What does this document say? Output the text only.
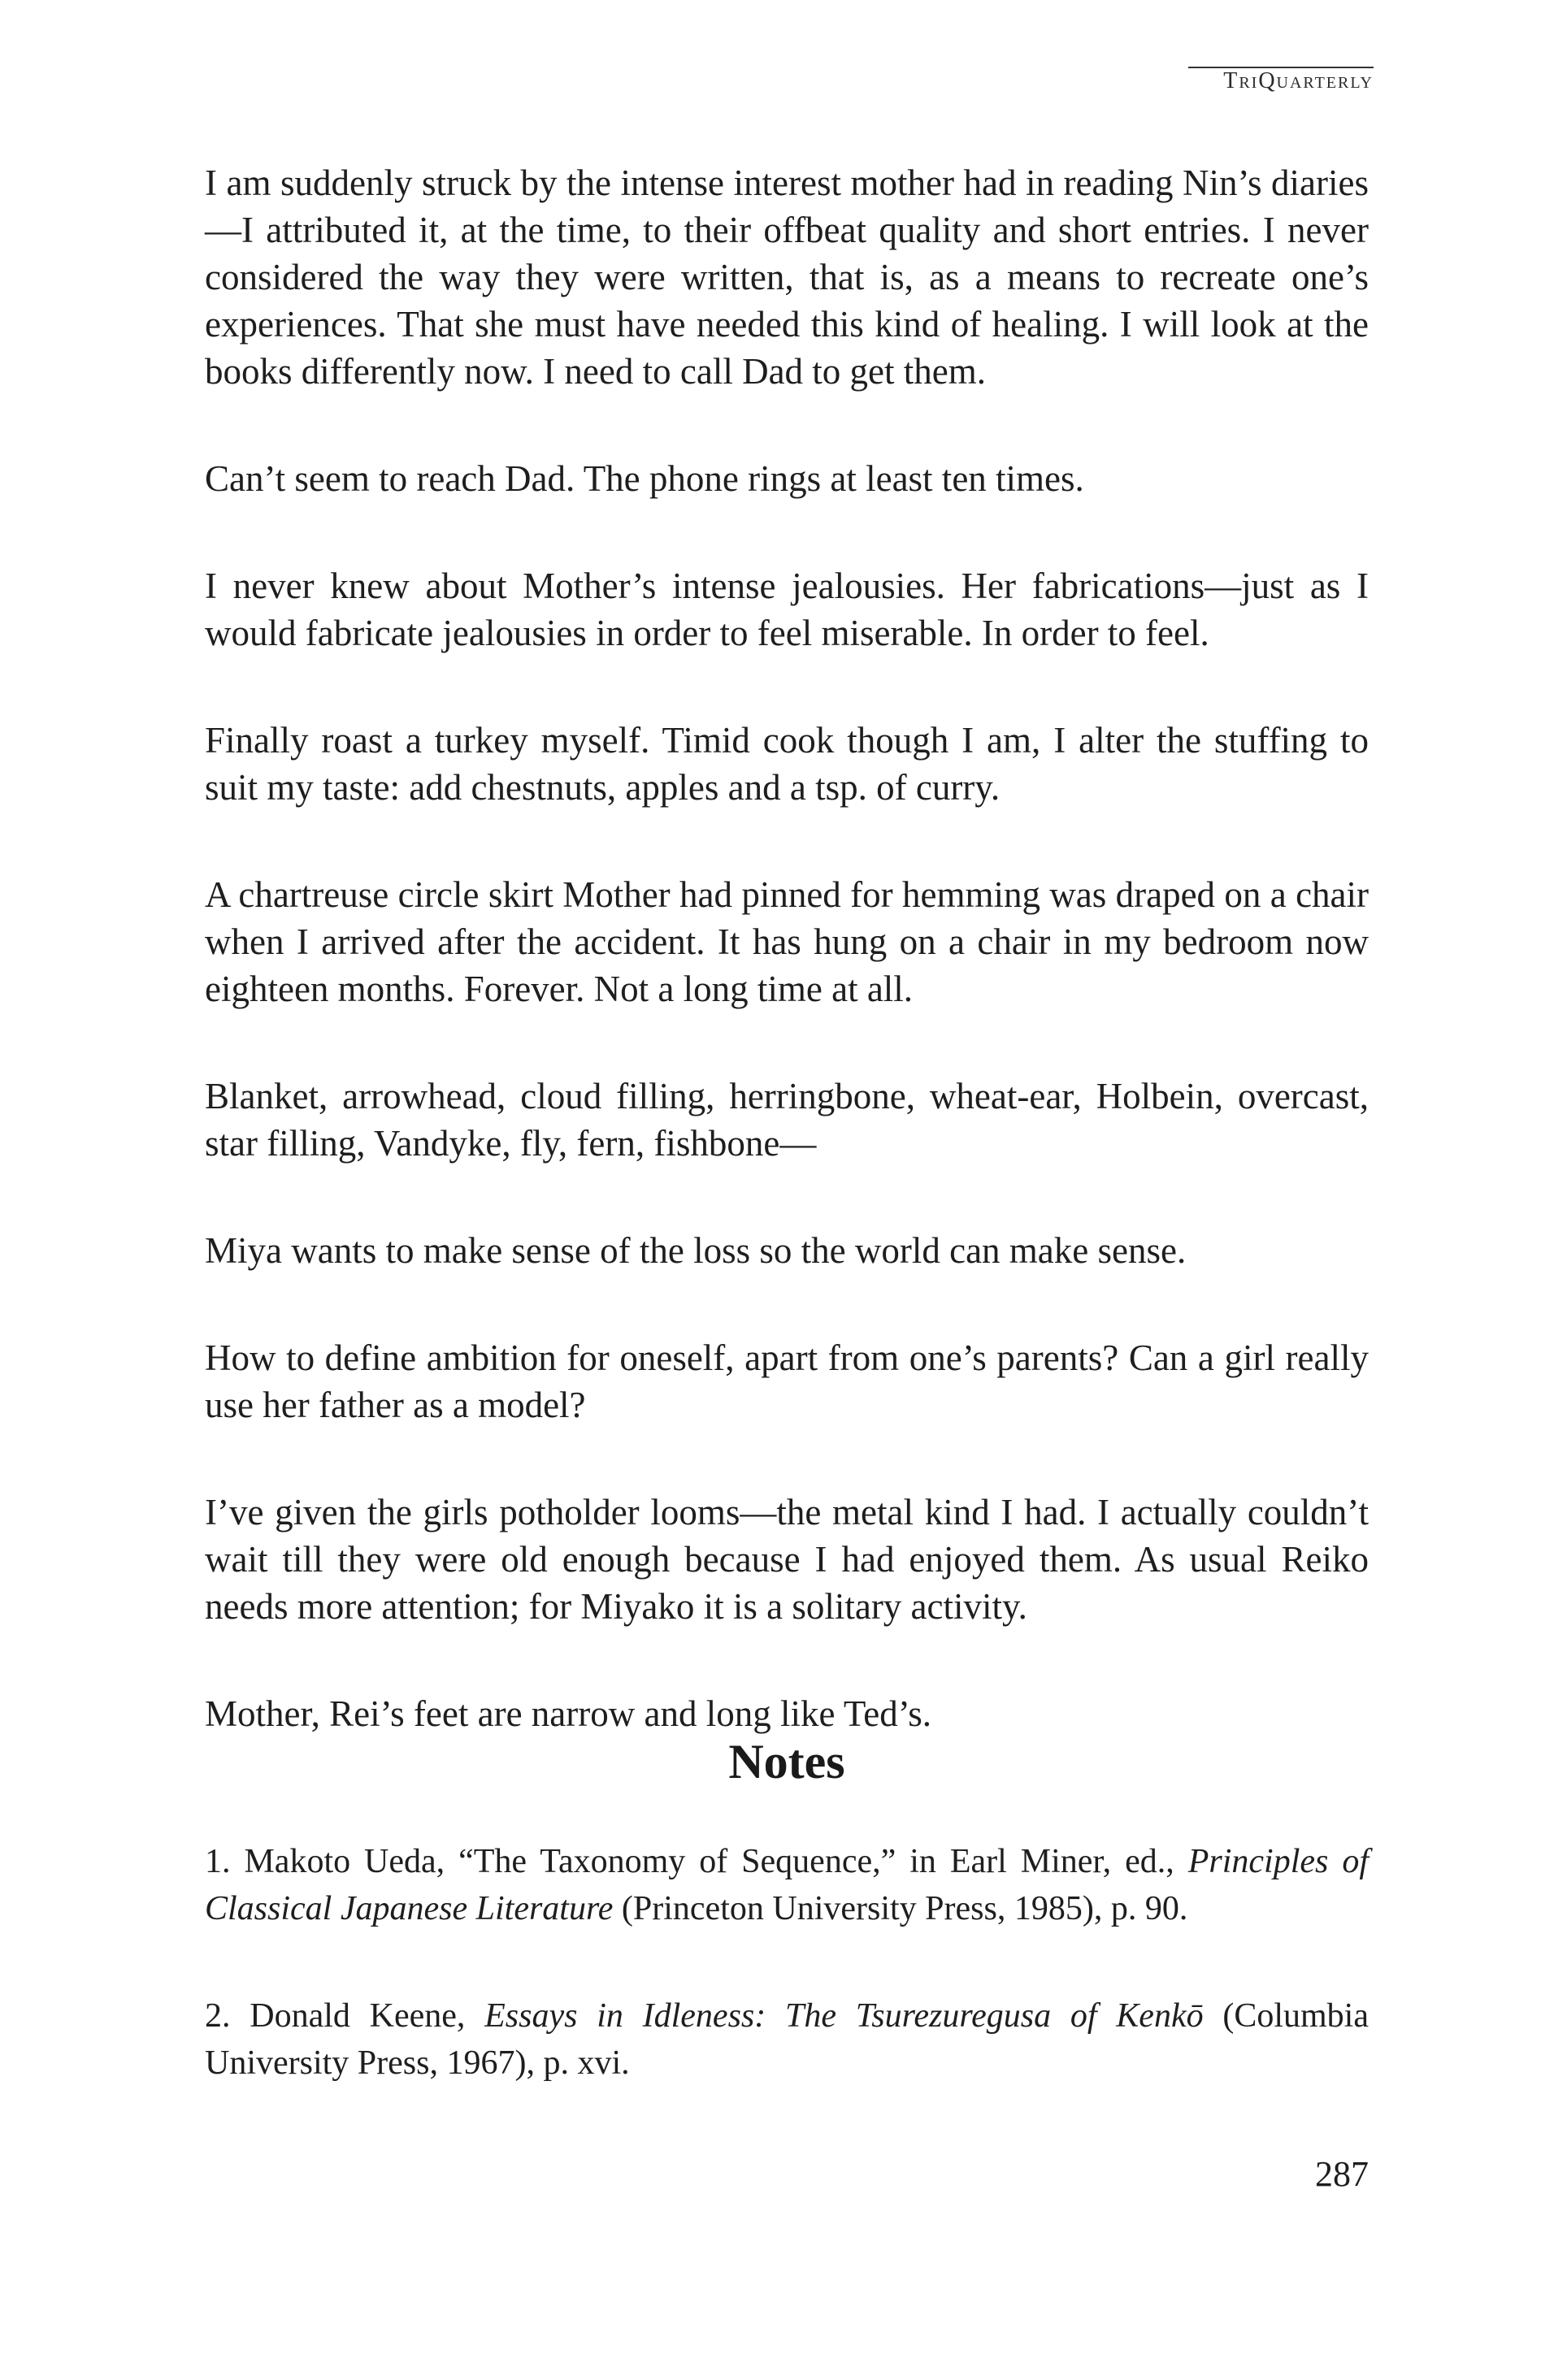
TriQuarterly

I am suddenly struck by the intense interest mother had in reading Nin’s diaries—I attributed it, at the time, to their offbeat quality and short entries. I never considered the way they were written, that is, as a means to recreate one’s experiences. That she must have needed this kind of healing. I will look at the books differently now. I need to call Dad to get them.

Can’t seem to reach Dad. The phone rings at least ten times.

I never knew about Mother’s intense jealousies. Her fabrications—just as I would fabricate jealousies in order to feel miserable. In order to feel.

Finally roast a turkey myself. Timid cook though I am, I alter the stuffing to suit my taste: add chestnuts, apples and a tsp. of curry.

A chartreuse circle skirt Mother had pinned for hemming was draped on a chair when I arrived after the accident. It has hung on a chair in my bedroom now eighteen months. Forever. Not a long time at all.

Blanket, arrowhead, cloud filling, herringbone, wheat-ear, Holbein, overcast, star filling, Vandyke, fly, fern, fishbone—

Miya wants to make sense of the loss so the world can make sense.

How to define ambition for oneself, apart from one’s parents? Can a girl really use her father as a model?

I’ve given the girls potholder looms—the metal kind I had. I actually couldn’t wait till they were old enough because I had enjoyed them. As usual Reiko needs more attention; for Miyako it is a solitary activity.

Mother, Rei’s feet are narrow and long like Ted’s.

Notes

1. Makoto Ueda, “The Taxonomy of Sequence,” in Earl Miner, ed., Principles of Classical Japanese Literature (Princeton University Press, 1985), p. 90.

2. Donald Keene, Essays in Idleness: The Tsurezuregusa of Kenkō (Columbia University Press, 1967), p. xvi.

287
